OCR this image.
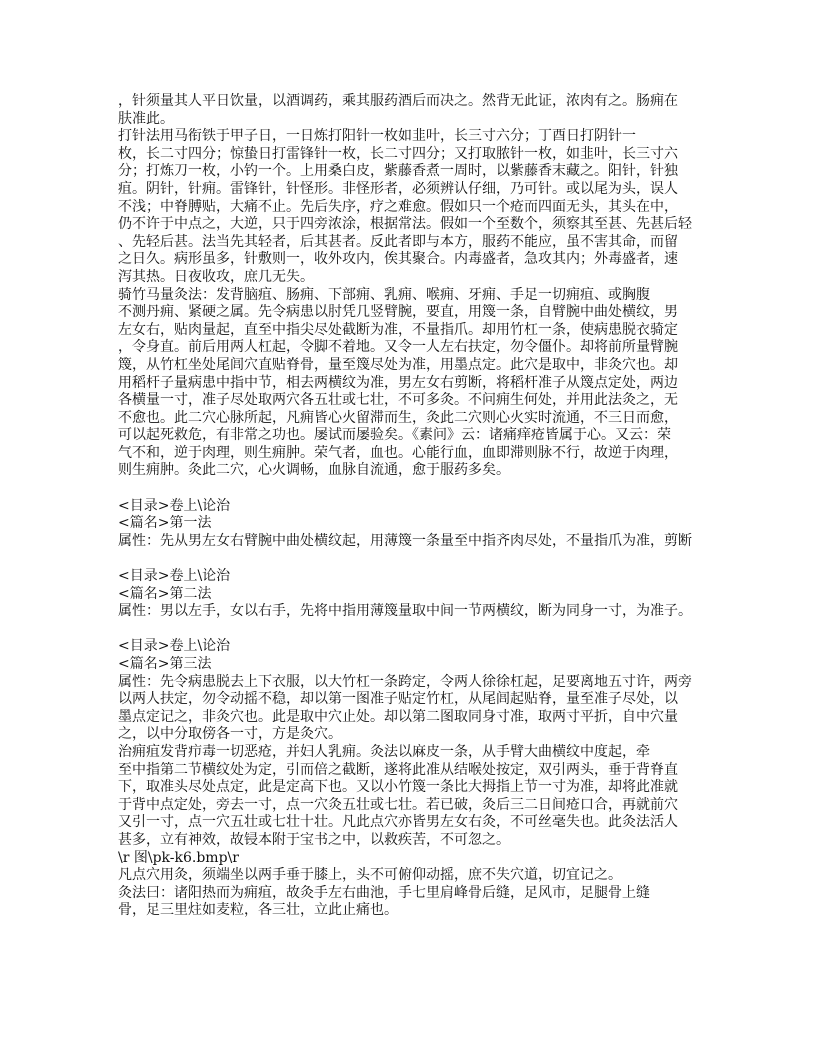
，针须量其人平日饮量，以酒调药，乘其服药酒后而决之。然背无此证，浓肉有之。肠痈在
肤准此。
打针法用马衔铁于甲子日，一日炼打阳针一枚如韭叶，长三寸六分；丁酉日打阴针一
枚，长二寸四分；惊蛰日打雷锋针一枚，长二寸四分；又打取脓针一枚，如韭叶，长三寸六
分；打炼刀一枚，小钓一个。上用桑白皮，紫藤香煮一周时，以紫藤香末藏之。阳针，针独
疽。阴针，针痈。雷锋针，针怪形。非怪形者，必须辨认仔细，乃可针。或以尾为头，误人
不浅；中脊膊贴，大痛不止。先后失序，疗之难愈。假如只一个疮而四面无头，其头在中，
仍不许于中点之，大逆，只于四旁浓涂，根据常法。假如一个至数个，须察其至甚、先甚后轻
、先轻后甚。法当先其轻者，后其甚者。反此者即与本方，服药不能应，虽不害其命，而留
之日久。病形虽多，针敷则一，收外攻内，俟其聚合。内毒盛者，急攻其内；外毒盛者，速
泻其热。日夜收攻，庶几无失。
骑竹马量灸法：发背脑疽、肠痈、下部痈、乳痈、喉痈、牙痈、手足一切痈疽、或胸腹
不测丹痈、紧硬之属。先令病患以肘凭几竖臂腕，要直，用篾一条，自臂腕中曲处横纹，男
左女右，贴肉量起，直至中指尖尽处截断为准，不量指爪。却用竹杠一条，使病患脱衣骑定
，令身直。前后用两人杠起，令脚不着地。又令一人左右扶定，勿令僵仆。却将前所量臂腕
篾，从竹杠坐处尾闾穴直贴脊骨，量至篾尽处为准，用墨点定。此穴是取中，非灸穴也。却
用稻杆子量病患中指中节，相去两横纹为准，男左女右剪断，将稻杆准子从篾点定处，两边
各横量一寸，准子尽处取两穴各五壮或七壮，不可多灸。不问痈生何处，并用此法灸之，无
不愈也。此二穴心脉所起，凡痈皆心火留滞而生，灸此二穴则心火实时流通，不三日而愈，
可以起死救危，有非常之功也。屡试而屡验矣。《素问》云：诸痛痒疮皆属于心。又云：荣
气不和，逆于肉理，则生痈肿。荣气者，血也。心能行血，血即滞则脉不行，故逆于肉理，
则生痈肿。灸此二穴，心火调畅，血脉自流通，愈于服药多矣。
<目录>卷上\论治
<篇名>第一法
属性：先从男左女右臂腕中曲处横纹起，用薄篾一条量至中指齐肉尽处，不量指爪为准，剪断
<目录>卷上\论治
<篇名>第二法
属性：男以左手，女以右手，先将中指用薄篾量取中间一节两横纹，断为同身一寸，为准子。
<目录>卷上\论治
<篇名>第三法
属性：先令病患脱去上下衣服，以大竹杠一条跨定，令两人徐徐杠起，足要离地五寸许，两旁
以两人扶定，勿令动摇不稳，却以第一图准子贴定竹杠，从尾闾起贴脊，量至准子尽处，以
墨点定记之，非灸穴也。此是取中穴止处。却以第二图取同身寸准，取两寸平折，自中穴量
之，以中分取傍各一寸，方是灸穴。
治痈疽发背疖毒一切恶疮，并妇人乳痈。灸法以麻皮一条，从手臂大曲横纹中度起，牵
至中指第二节横纹处为定，引而倍之截断，遂将此准从结喉处按定，双引两头，垂于背脊直
下，取准头尽处点定，此是定高下也。又以小竹篾一条比大拇指上节一寸为准，却将此准就
于背中点定处，旁去一寸，点一穴灸五壮或七壮。若已破，灸后三二日间疮口合，再就前穴
又引一寸，点一穴五壮或七壮十壮。凡此点穴亦皆男左女右灸，不可丝毫失也。此灸法活人
甚多，立有神效，故锓本附于宝书之中，以救疾苦，不可忽之。
\r 图\pk-k6.bmp\r
凡点穴用灸，须端坐以两手垂于膝上，头不可俯仰动摇，庶不失穴道，切宜记之。
灸法曰：诸阳热而为痈疽，故灸手左右曲池，手七里肩峰骨后缝，足风市，足腿骨上缝
骨，足三里炷如麦粒，各三壮，立此止痛也。
